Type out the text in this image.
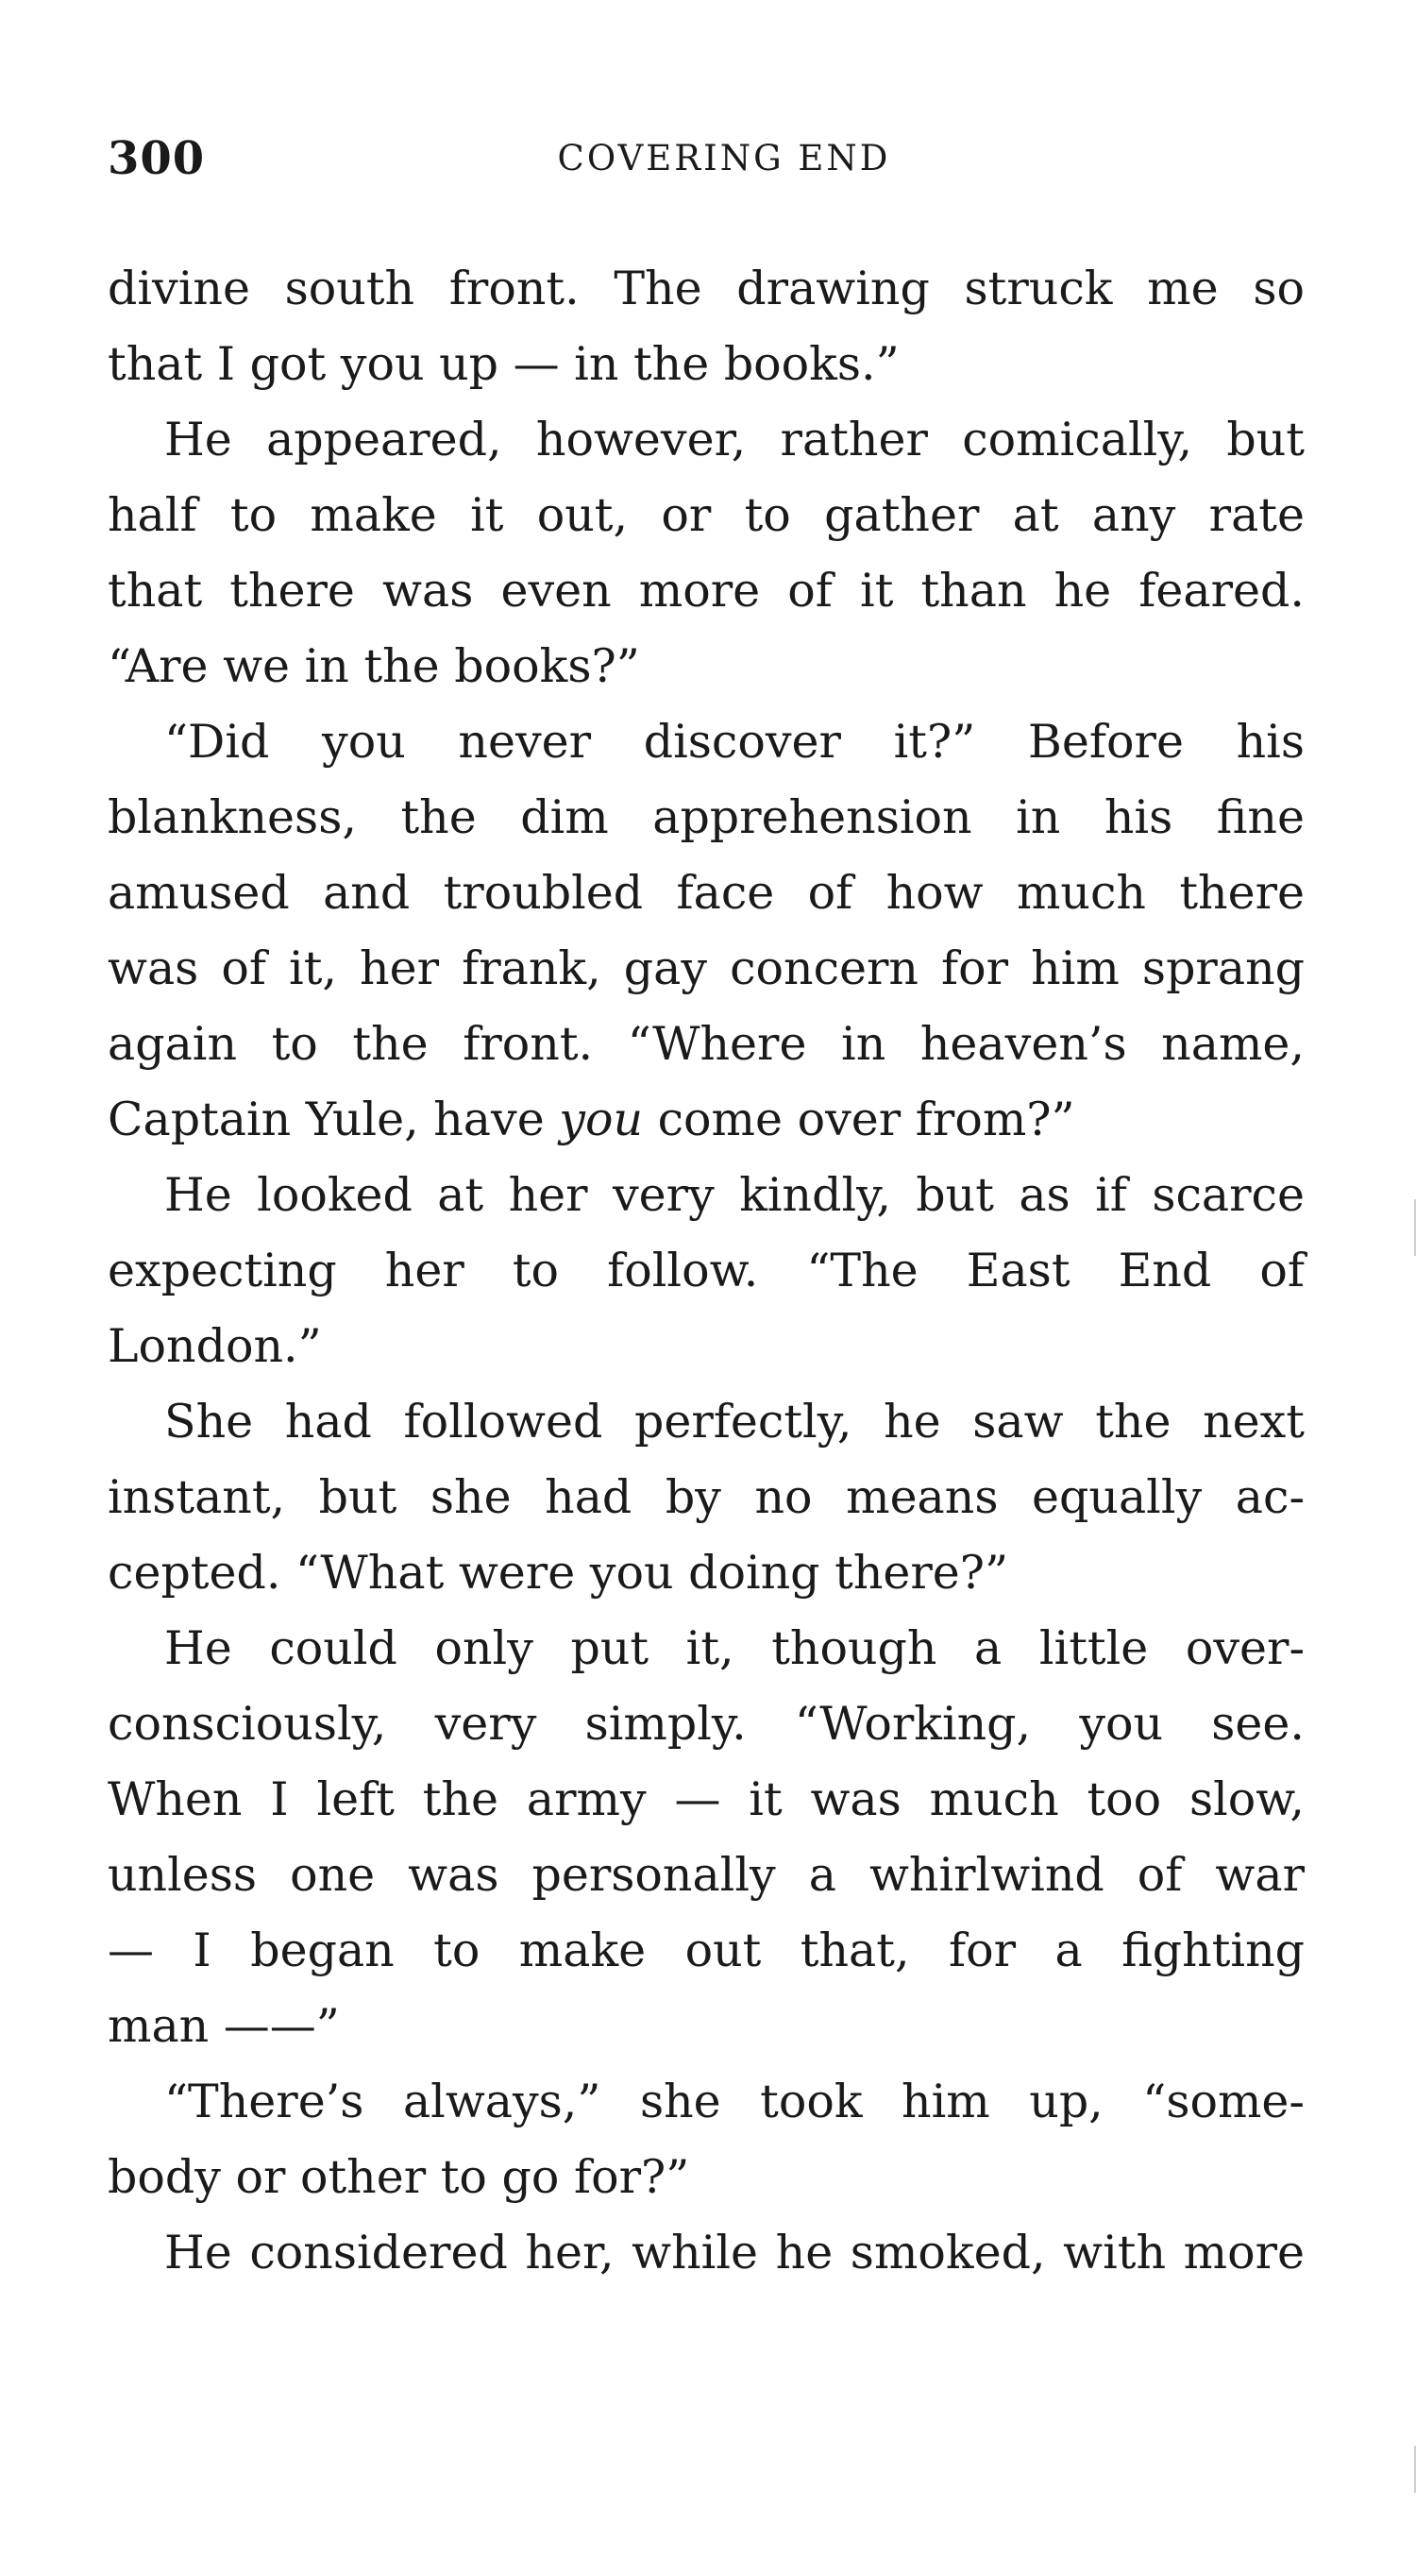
300	COVERING END
divine south front. The drawing struck me so
that I got you up — in the books.”
He appeared, however, rather comically, but
half to make it out, or to gather at any rate
that there was even more of it than he feared.
“Are we in the books?”
“Did you never discover it?” Before his
blankness, the dim apprehension in his fine
amused and troubled face of how much there
was of it, her frank, gay concern for him sprang
again to the front. “Where in heaven’s name,
Captain Yule, have you come over from?”
He looked at her very kindly, but as if scarce
expecting her to follow. “The East End of
London.”
She had followed perfectly, he saw the next
instant, but she had by no means equally ac-
cepted. “What were you doing there?”
He could only put it, though a little over-
consciously, very simply. “Working, you see.
When I left the army — it was much too slow,
unless one was personally a whirlwind of war
— I began to make out that, for a fighting
man ——”
“There’s always,” she took him up, “some-
body or other to go for?”
He considered her, while he smoked, with more
